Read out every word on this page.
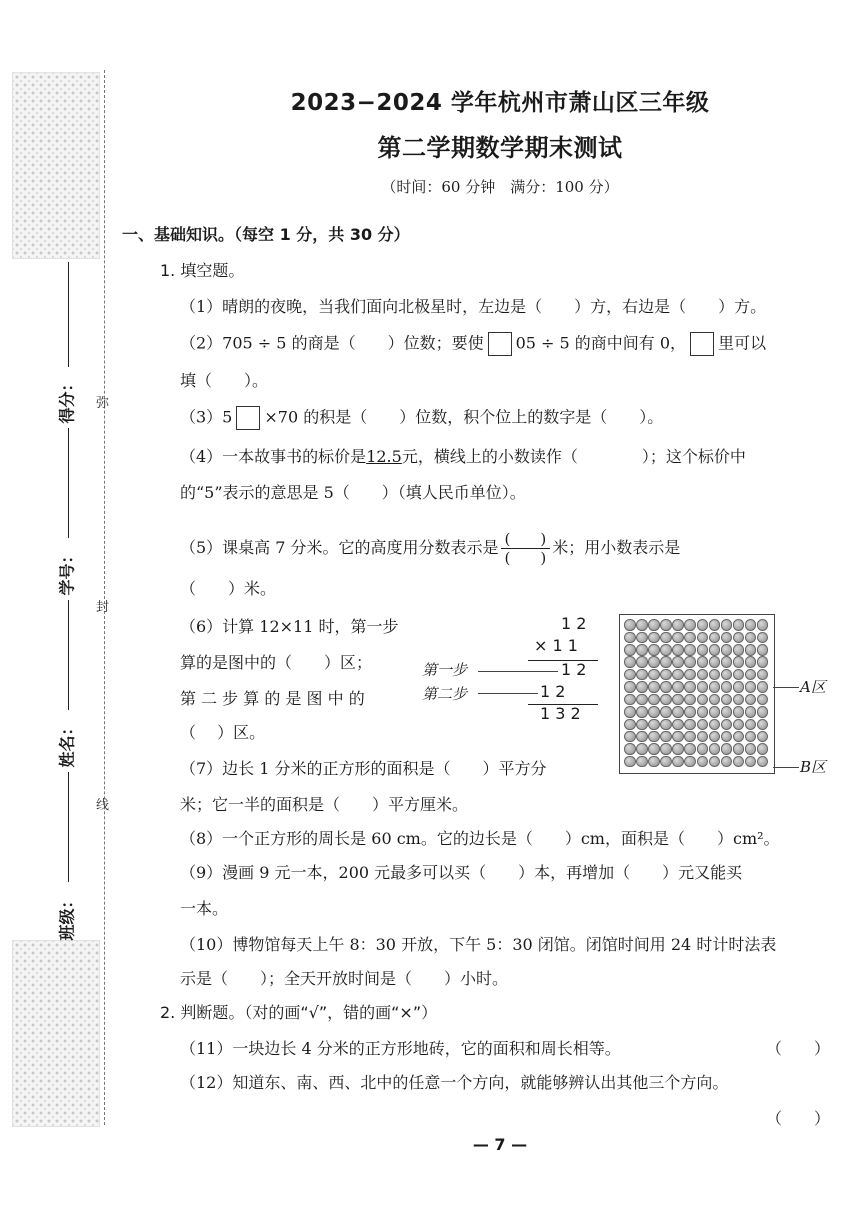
弥
封
线
得分：
学号：
姓名：
班级：
2023−2024 学年杭州市萧山区三年级
第二学期数学期末测试
（时间：60 分钟　满分：100 分）
一、基础知识。（每空 1 分，共 30 分）
1. 填空题。
（1）晴朗的夜晚，当我们面向北极星时，左边是（　　）方，右边是（　　）方。
（2）705 ÷ 5 的商是（　　）位数；要使 05 ÷ 5 的商中间有 0， 里可以
填（　　）。
（3）5 ×70 的积是（　　）位数，积个位上的数字是（　　）。
（4）一本故事书的标价是12.5元，横线上的小数读作（　　　　）；这个标价中
的“5”表示的意思是 5（　　）（填人民币单位）。
（5）课桌高 7 分米。它的高度用分数表示是 $\frac{( )}{( )}$ 米；用小数表示是
（　　）米。
（6）计算 12×11 时，第一步
算的是图中的（　　）区；
第 二 步 算 的 是 图 中 的
（　 ）区。
1 2
× 1 1
1 2
1 2
1 3 2
第一步
第二步	A区
B区
（7）边长 1 分米的正方形的面积是（　　）平方分
米；它一半的面积是（　　）平方厘米。
（8）一个正方形的周长是 60 cm。它的边长是（　　）cm，面积是（　　）cm²。
（9）漫画 9 元一本，200 元最多可以买（　　）本，再增加（　　）元又能买
一本。
（10）博物馆每天上午 8：30 开放，下午 5：30 闭馆。闭馆时间用 24 时计时法表
示是（　　）；全天开放时间是（　　）小时。
2. 判断题。（对的画“√”，错的画“×”）
（11）一块边长 4 分米的正方形地砖，它的面积和周长相等。	（　　）
（12）知道东、南、西、北中的任意一个方向，就能够辨认出其他三个方向。
（　　）
— 7 —
